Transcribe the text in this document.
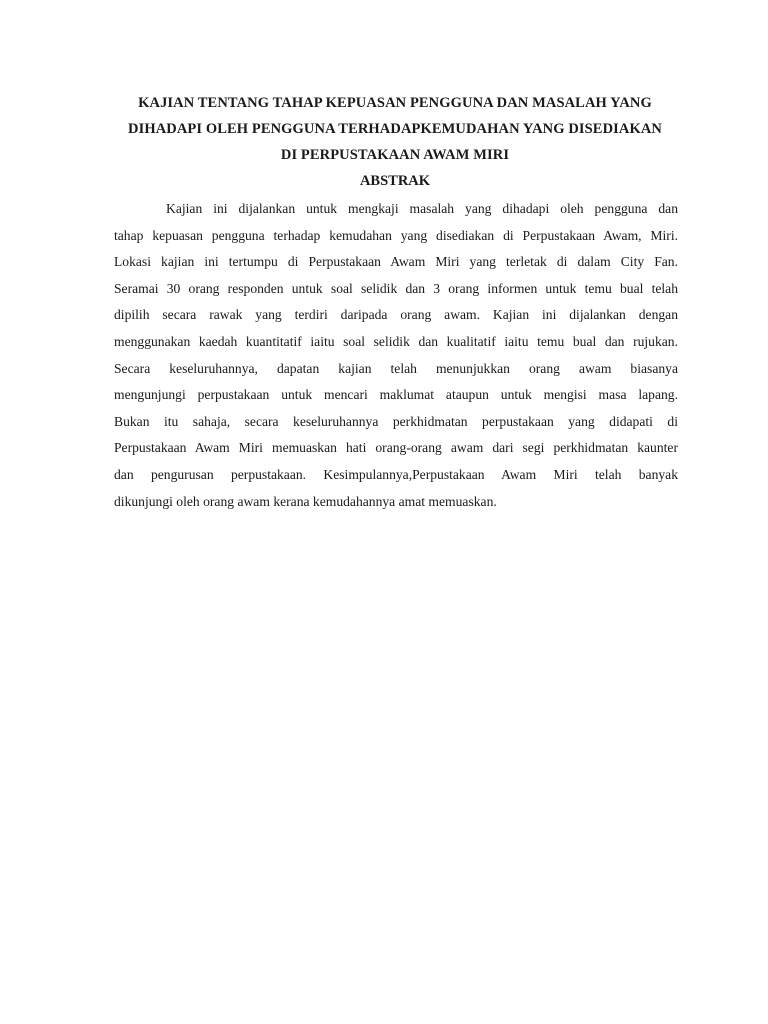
KAJIAN TENTANG TAHAP KEPUASAN PENGGUNA DAN MASALAH YANG
DIHADAPI OLEH PENGGUNA TERHADAPKEMUDAHAN YANG DISEDIAKAN
DI PERPUSTAKAAN AWAM MIRI
ABSTRAK

Kajian ini dijalankan untuk mengkaji masalah yang dihadapi oleh pengguna dan
tahap kepuasan pengguna terhadap kemudahan yang disediakan di Perpustakaan Awam, Miri.
Lokasi kajian ini tertumpu di Perpustakaan Awam Miri yang terletak di dalam City Fan.
Seramai 30 orang responden untuk soal selidik dan 3 orang informen untuk temu bual telah
dipilih secara rawak yang terdiri daripada orang awam. Kajian ini dijalankan dengan
menggunakan kaedah kuantitatif iaitu soal selidik dan kualitatif iaitu temu bual dan rujukan.
Secara keseluruhannya, dapatan kajian telah menunjukkan orang awam biasanya
mengunjungi perpustakaan untuk mencari maklumat ataupun untuk mengisi masa lapang.
Bukan itu sahaja, secara keseluruhannya perkhidmatan perpustakaan yang didapati di
Perpustakaan Awam Miri memuaskan hati orang-orang awam dari segi perkhidmatan kaunter
dan pengurusan perpustakaan. Kesimpulannya,Perpustakaan Awam Miri telah banyak
dikunjungi oleh orang awam kerana kemudahannya amat memuaskan.
